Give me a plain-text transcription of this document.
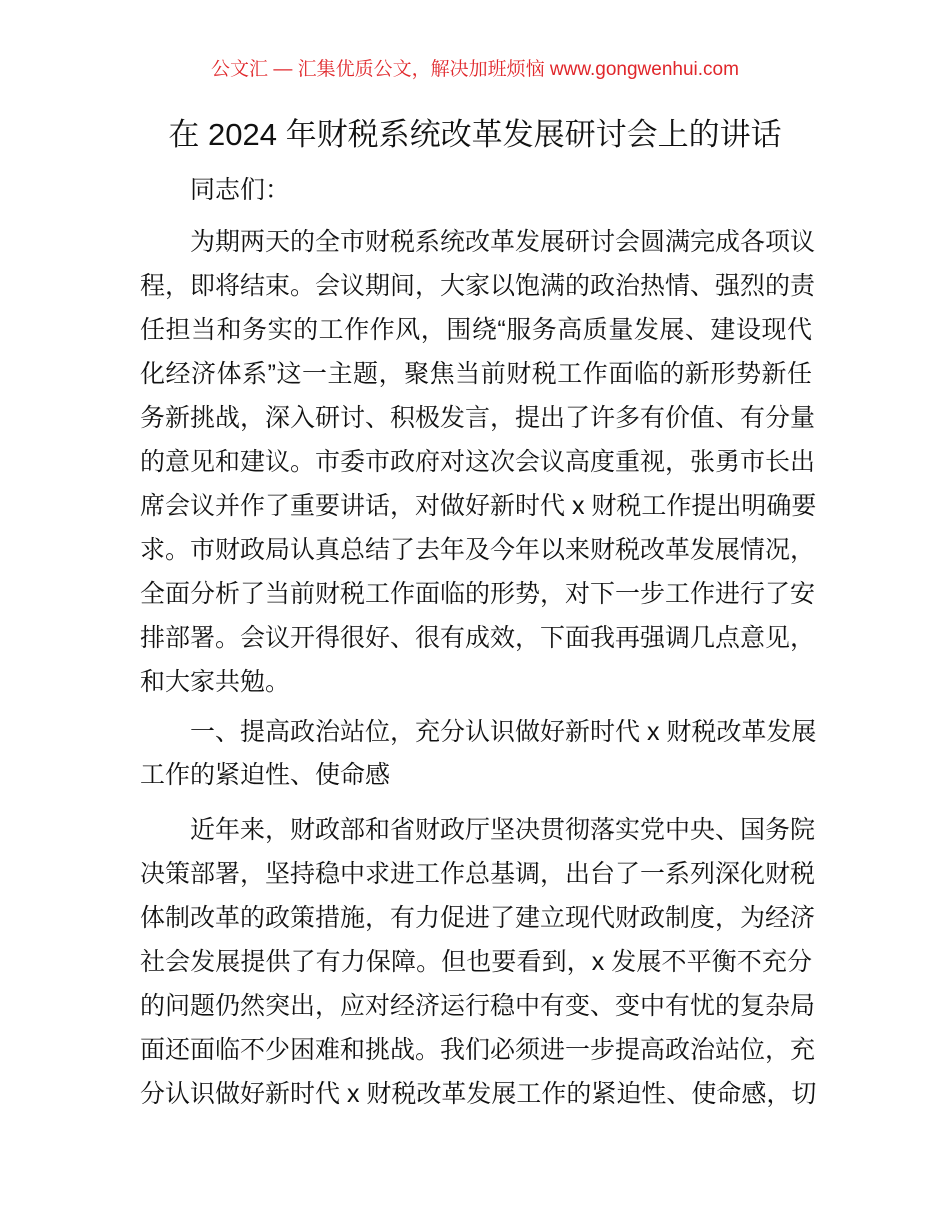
公文汇 — 汇集优质公文，解决加班烦恼 www.gongwenhui.com
在 2024 年财税系统改革发展研讨会上的讲话
同志们：
为期两天的全市财税系统改革发展研讨会圆满完成各项议
程，即将结束。会议期间，大家以饱满的政治热情、强烈的责
任担当和务实的工作作风，围绕“服务高质量发展、建设现代
化经济体系”这一主题，聚焦当前财税工作面临的新形势新任
务新挑战，深入研讨、积极发言，提出了许多有价值、有分量
的意见和建议。市委市政府对这次会议高度重视，张勇市长出
席会议并作了重要讲话，对做好新时代 x 财税工作提出明确要
求。市财政局认真总结了去年及今年以来财税改革发展情况，
全面分析了当前财税工作面临的形势，对下一步工作进行了安
排部署。会议开得很好、很有成效，下面我再强调几点意见，
和大家共勉。
一、提高政治站位，充分认识做好新时代 x 财税改革发展
工作的紧迫性、使命感
近年来，财政部和省财政厅坚决贯彻落实党中央、国务院
决策部署，坚持稳中求进工作总基调，出台了一系列深化财税
体制改革的政策措施，有力促进了建立现代财政制度，为经济
社会发展提供了有力保障。但也要看到，x 发展不平衡不充分
的问题仍然突出，应对经济运行稳中有变、变中有忧的复杂局
面还面临不少困难和挑战。我们必须进一步提高政治站位，充
分认识做好新时代 x 财税改革发展工作的紧迫性、使命感，切
